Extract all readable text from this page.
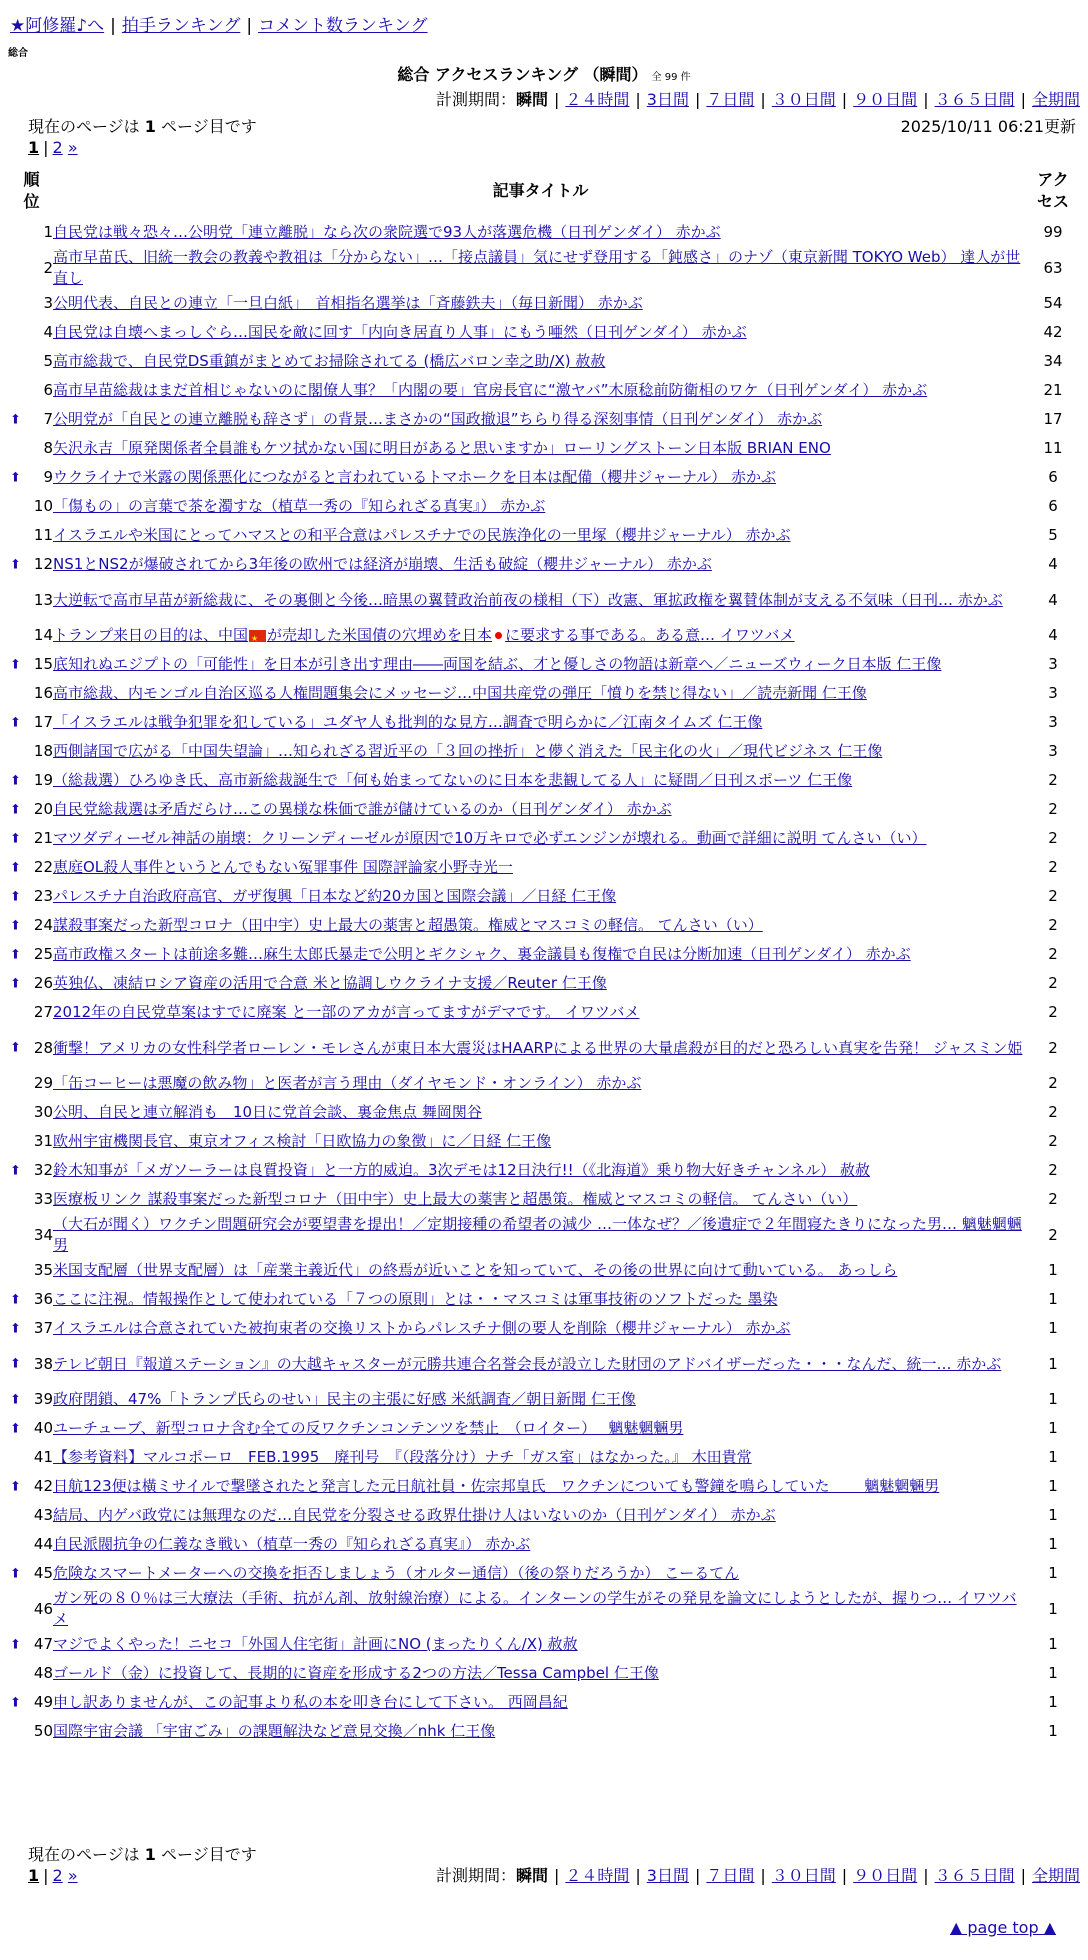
★阿修羅♪へ | 拍手ランキング | コメント数ランキング
総合
総合 アクセスランキング （瞬間） 全 99 件
計測期間：瞬間 | ２４時間 | 3日間 | ７日間 | ３０日間 | ９０日間 | ３６５日間 | 全期間
現在のページは 1 ページ目です	2025/10/11 06:21更新
1 | 2 »
順位	記事タイトル	アクセス
1	自民党は戦々恐々…公明党「連立離脱」なら次の衆院選で93人が落選危機（日刊ゲンダイ） 赤かぶ	99
2	高市早苗氏、旧統一教会の教義や教祖は「分からない」…「接点議員」気にせず登用する「鈍感さ」のナゾ（東京新聞 TOKYO Web） 達人が世直し	63
3	公明代表、自民との連立「一旦白紙」　首相指名選挙は「斉藤鉄夫」（毎日新聞） 赤かぶ	54
4	自民党は自壊へまっしぐら…国民を敵に回す「内向き居直り人事」にもう唖然（日刊ゲンダイ） 赤かぶ	42
5	高市総裁で、自民党DS重鎮がまとめてお掃除されてる (橋広バロン幸之助/X) 赦赦	34
6	高市早苗総裁はまだ首相じゃないのに閣僚人事？「内閣の要」官房長官に“激ヤバ”木原稔前防衛相のワケ（日刊ゲンダイ） 赤かぶ	21

⬆ 7	公明党が「自民との連立離脱も辞さず」の背景…まさかの“国政撤退”ちらり得る深刻事情（日刊ゲンダイ） 赤かぶ	17
8	矢沢永吉「原発関係者全員誰もケツ拭かない国に明日があると思いますか」ローリングストーン日本版 BRIAN ENO	11

⬆ 9	ウクライナで米露の関係悪化につながると言われているトマホークを日本は配備（櫻井ジャーナル） 赤かぶ	6
10	「傷もの」の言葉で茶を濁すな（植草一秀の『知られざる真実』） 赤かぶ	6
11	イスラエルや米国にとってハマスとの和平合意はパレスチナでの民族浄化の一里塚（櫻井ジャーナル） 赤かぶ	5

⬆ 12	NS1とNS2が爆破されてから3年後の欧州では経済が崩壊、生活も破綻（櫻井ジャーナル） 赤かぶ	4
13	大逆転で高市早苗が新総裁に、その裏側と今後…暗黒の翼賛政治前夜の様相（下）改憲、軍拡政権を翼賛体制が支える不気味（日刊… 赤かぶ	4
14	トランプ来日の目的は、中国 ★ が売却した米国債の穴埋めを日本 に要求する事である。ある意… イワツバメ	4

⬆ 15	底知れぬエジプトの「可能性」を日本が引き出す理由――両国を結ぶ、才と優しさの物語は新章へ／ニューズウィーク日本版 仁王像	3
16	高市総裁、内モンゴル自治区巡る人権問題集会にメッセージ…中国共産党の弾圧「憤りを禁じ得ない」／読売新聞 仁王像	3

⬆ 17	「イスラエルは戦争犯罪を犯している」ユダヤ人も批判的な見方…調査で明らかに／江南タイムズ 仁王像	3
18	西側諸国で広がる「中国失望論」…知られざる習近平の「３回の挫折」と儚く消えた「民主化の火」／現代ビジネス 仁王像	3

⬆ 19	（総裁選）ひろゆき氏、高市新総裁誕生で「何も始まってないのに日本を悲観してる人」に疑問／日刊スポーツ 仁王像	2

⬆ 20	自民党総裁選は矛盾だらけ…この異様な株価で誰が儲けているのか（日刊ゲンダイ） 赤かぶ	2

⬆ 21	マツダディーゼル神話の崩壊：クリーンディーゼルが原因で10万キロで必ずエンジンが壊れる。動画で詳細に説明 てんさい（い）	2

⬆ 22	恵庭OL殺人事件というとんでもない冤罪事件 国際評論家小野寺光一	2

⬆ 23	パレスチナ自治政府高官、ガザ復興「日本など約20カ国と国際会議」／日経 仁王像	2

⬆ 24	謀殺事案だった新型コロナ（田中宇）史上最大の薬害と超愚策。権威とマスコミの軽信。 てんさい（い）	2

⬆ 25	高市政権スタートは前途多難…麻生太郎氏暴走で公明とギクシャク、裏金議員も復権で自民は分断加速（日刊ゲンダイ） 赤かぶ	2

⬆ 26	英独仏、凍結ロシア資産の活用で合意 米と協調しウクライナ支援／Reuter 仁王像	2
27	2012年の自民党草案はすでに廃案 と一部のアカが言ってますがデマです。 イワツバメ	2

⬆ 28	衝撃！アメリカの女性科学者ローレン・モレさんが東日本大震災はHAARPによる世界の大量虐殺が目的だと恐ろしい真実を告発！ ジャスミン姫	2
29	「缶コーヒーは悪魔の飲み物」と医者が言う理由（ダイヤモンド・オンライン） 赤かぶ	2
30	公明、自民と連立解消も　10日に党首会談、裏金焦点 舞岡関谷	2
31	欧州宇宙機関長官、東京オフィス検討「日欧協力の象徴」に／日経 仁王像	2

⬆ 32	鈴木知事が「メガソーラーは良質投資」と一方的威迫。3次デモは12日決行!!（《北海道》乗り物大好きチャンネル） 赦赦	2
33	医療板リンク 謀殺事案だった新型コロナ（田中宇）史上最大の薬害と超愚策。権威とマスコミの軽信。 てんさい（い）	2
34	（大石が聞く）ワクチン問題研究会が要望書を提出！／定期接種の希望者の減少 …一体なぜ？／後遺症で２年間寝たきりになった男… 魑魅魍魎男	2
35	米国支配層（世界支配層）は「産業主義近代」の終焉が近いことを知っていて、その後の世界に向けて動いている。 あっしら	1

⬆ 36	ここに注視。情報操作として使われている「７つの原則」とは・・マスコミは軍事技術のソフトだった 墨染	1

⬆ 37	イスラエルは合意されていた被拘束者の交換リストからパレスチナ側の要人を削除（櫻井ジャーナル） 赤かぶ	1

⬆ 38	テレビ朝日『報道ステーション』の大越キャスターが元勝共連合名誉会長が設立した財団のアドバイザーだった・・・なんだ、統一… 赤かぶ	1

⬆ 39	政府閉鎖、47%「トランプ氏らのせい」民主の主張に好感 米紙調査／朝日新聞 仁王像	1

⬆ 40	ユーチューブ、新型コロナ含む全ての反ワクチンコンテンツを禁止　（ロイター）　 魑魅魍魎男	1
41	【参考資料】マルコポーロ　FEB.1995　廃刊号　『（段落分け）ナチ「ガス室」はなかった。』 木田貴常	1

⬆ 42	日航123便は橫ミサイルで撃墜されたと発言した元日航社員・佐宗邦皇氏　ワクチンについても警鐘を鳴らしていた　　 魑魅魍魎男	1
43	結局、内ゲバ政党には無理なのだ…自民党を分裂させる政界仕掛け人はいないのか（日刊ゲンダイ） 赤かぶ	1
44	自民派閥抗争の仁義なき戦い（植草一秀の『知られざる真実』） 赤かぶ	1

⬆ 45	危険なスマートメーターへの交換を拒否しましょう（オルター通信）（後の祭りだろうか） こーるてん	1
46	ガン死の８０％は三大療法（手術、抗がん剤、放射線治療）による。インターンの学生がその発見を論文にしようとしたが、握りつ… イワツバメ	1

⬆ 47	マジでよくやった！ニセコ「外国人住宅街」計画にNO (まったりくん/X) 赦赦	1
48	ゴールド（金）に投資して、長期的に資産を形成する2つの方法／Tessa Campbel 仁王像	1

⬆ 49	申し訳ありませんが、この記事より私の本を叩き台にして下さい。 西岡昌紀	1
50	国際宇宙会議 「宇宙ごみ」の課題解決など意見交換／nhk 仁王像	1
現在のページは 1 ページ目です
1 | 2 »	計測期間：瞬間 | ２４時間 | 3日間 | ７日間 | ３０日間 | ９０日間 | ３６５日間 | 全期間
▲ page top ▲
